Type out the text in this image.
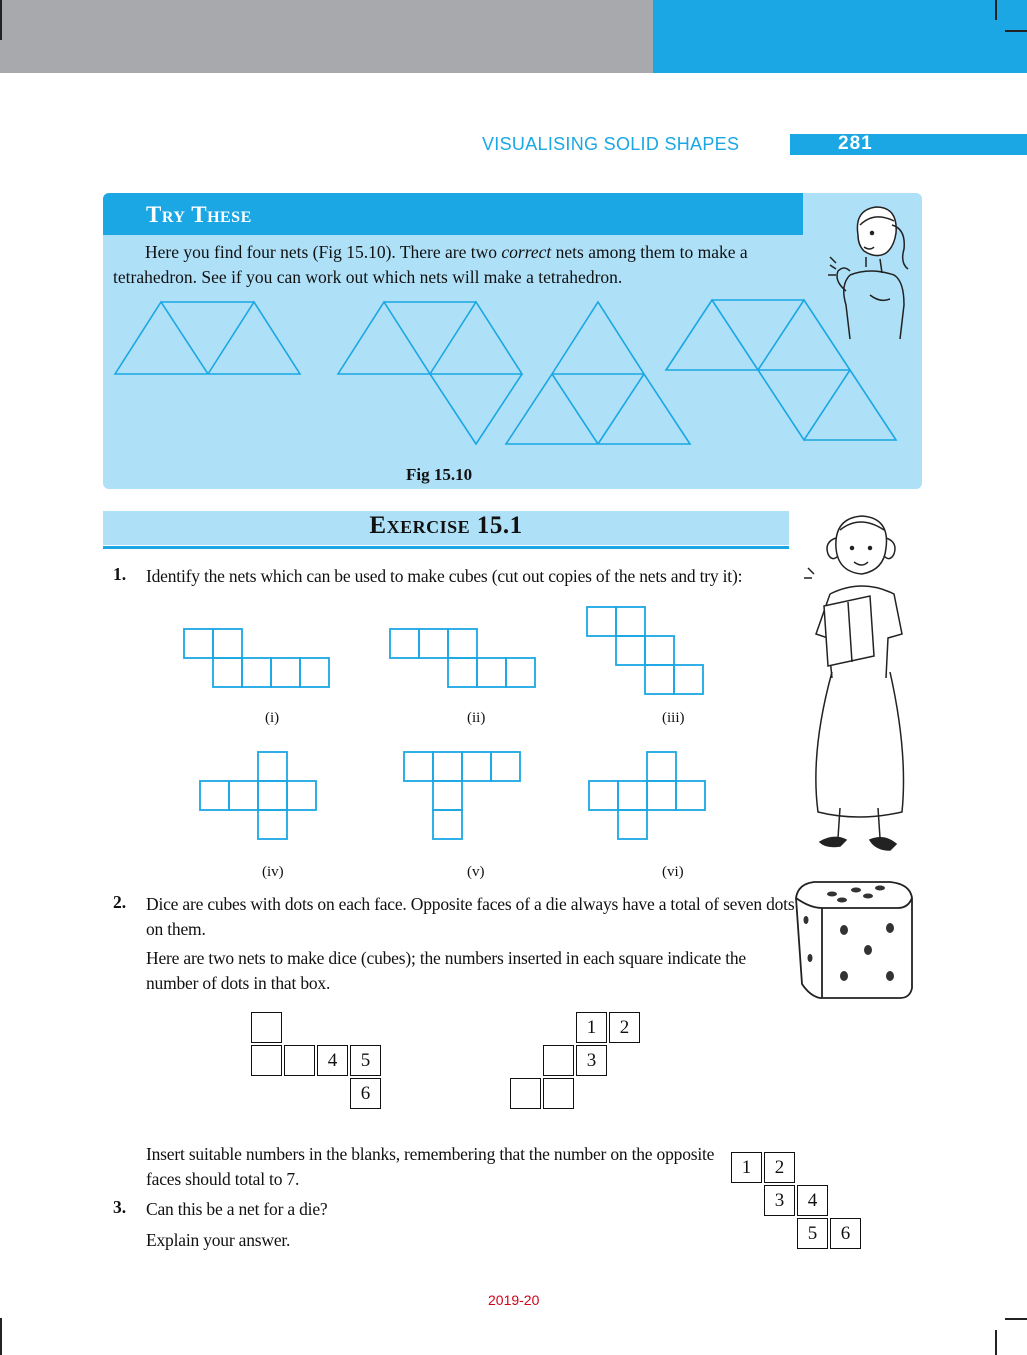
VISUALISING SOLID SHAPES	281
Try These
Here you find four nets (Fig 15.10). There are two correct nets among them to make a tetrahedron. See if you can work out which nets will make a tetrahedron.
Fig 15.10
Exercise 15.1
1. Identify the nets which can be used to make cubes (cut out copies of the nets and try it):
(i)	(ii)	(iii)
(iv)	(v)	(vi)
2. Dice are cubes with dots on each face. Opposite faces of a die always have a total of seven dots on them.
Here are two nets to make dice (cubes); the numbers inserted in each square indicate the number of dots in that box.
4	5
6
1	2
3
Insert suitable numbers in the blanks, remembering that the number on the opposite faces should total to 7.
3. Can this be a net for a die?
Explain your answer.
1	2
3	4
5	6
2019-20
